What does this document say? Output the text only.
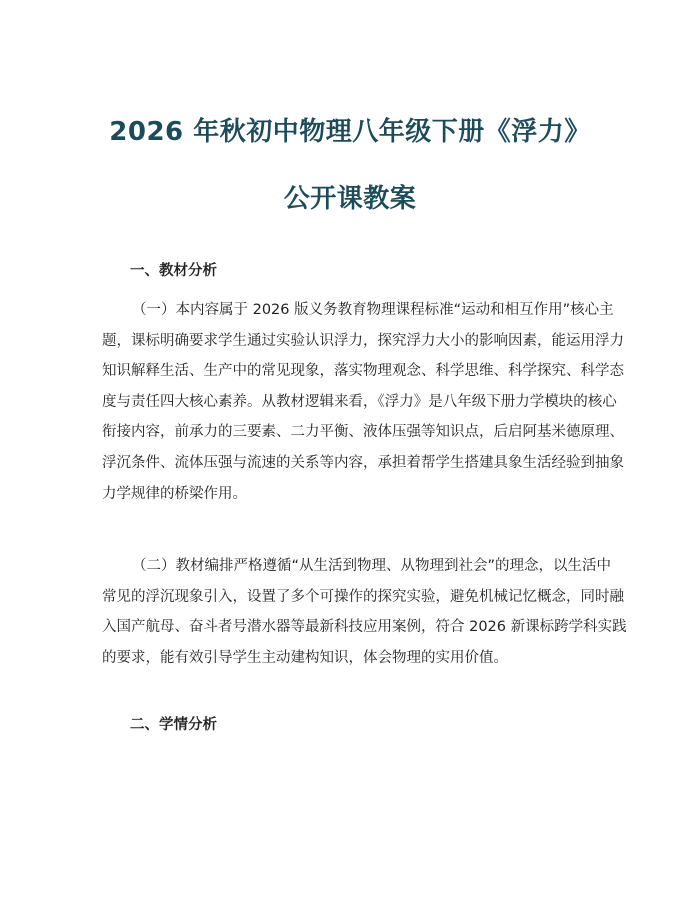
2026 年秋初中物理八年级下册《浮力》
公开课教案
一、教材分析

（一）本内容属于 2026 版义务教育物理课程标准“运动和相互作用”核心主
题，课标明确要求学生通过实验认识浮力，探究浮力大小的影响因素，能运用浮力
知识解释生活、生产中的常见现象，落实物理观念、科学思维、科学探究、科学态
度与责任四大核心素养。从教材逻辑来看，《浮力》是八年级下册力学模块的核心
衔接内容，前承力的三要素、二力平衡、液体压强等知识点，后启阿基米德原理、
浮沉条件、流体压强与流速的关系等内容，承担着帮学生搭建具象生活经验到抽象
力学规律的桥梁作用。

（二）教材编排严格遵循“从生活到物理、从物理到社会”的理念，以生活中
常见的浮沉现象引入，设置了多个可操作的探究实验，避免机械记忆概念，同时融
入国产航母、奋斗者号潜水器等最新科技应用案例，符合 2026 新课标跨学科实践
的要求，能有效引导学生主动建构知识，体会物理的实用价值。

二、学情分析
